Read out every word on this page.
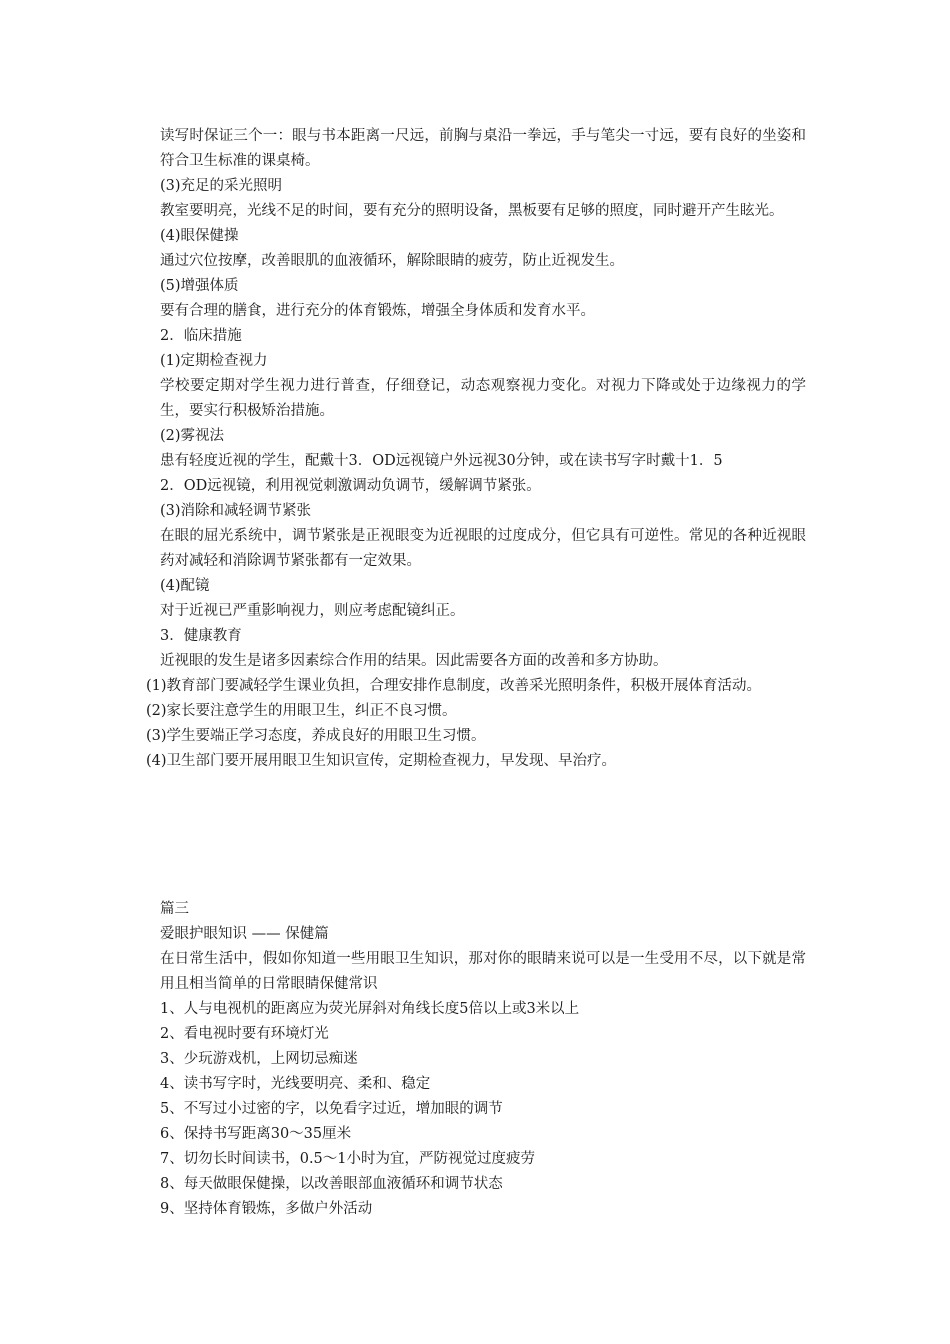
读写时保证三个一：眼与书本距离一尺远，前胸与桌沿一拳远，手与笔尖一寸远，要有良好的坐姿和符合卫生标准的课桌椅。
(3)充足的采光照明
教室要明亮，光线不足的时间，要有充分的照明设备，黑板要有足够的照度，同时避开产生眩光。
(4)眼保健操
通过穴位按摩，改善眼肌的血液循环，解除眼睛的疲劳，防止近视发生。
(5)增强体质
要有合理的膳食，进行充分的体育锻炼，增强全身体质和发育水平。
2．临床措施
(1)定期检查视力
学校要定期对学生视力进行普查，仔细登记，动态观察视力变化。对视力下降或处于边缘视力的学生，要实行积极矫治措施。
(2)雾视法
患有轻度近视的学生，配戴十3．OD远视镜户外远视30分钟，或在读书写字时戴十1．5
2．OD远视镜，利用视觉刺激调动负调节，缓解调节紧张。
(3)消除和减轻调节紧张
在眼的屈光系统中，调节紧张是正视眼变为近视眼的过度成分，但它具有可逆性。常见的各种近视眼药对减轻和消除调节紧张都有一定效果。
(4)配镜
对于近视已严重影响视力，则应考虑配镜纠正。
3．健康教育
近视眼的发生是诸多因素综合作用的结果。因此需要各方面的改善和多方协助。
(1)教育部门要减轻学生课业负担，合理安排作息制度，改善采光照明条件，积极开展体育活动。
(2)家长要注意学生的用眼卫生，纠正不良习惯。
(3)学生要端正学习态度，养成良好的用眼卫生习惯。
(4)卫生部门要开展用眼卫生知识宣传，定期检查视力，早发现、早治疗。
篇三
爱眼护眼知识 —— 保健篇
在日常生活中，假如你知道一些用眼卫生知识，那对你的眼睛来说可以是一生受用不尽，以下就是常用且相当简单的日常眼睛保健常识
1、人与电视机的距离应为荧光屏斜对角线长度5倍以上或3米以上
2、看电视时要有环境灯光
3、少玩游戏机，上网切忌痴迷
4、读书写字时，光线要明亮、柔和、稳定
5、不写过小过密的字，以免看字过近，增加眼的调节
6、保持书写距离30～35厘米
7、切勿长时间读书，0.5～1小时为宜，严防视觉过度疲劳
8、每天做眼保健操，以改善眼部血液循环和调节状态
9、坚持体育锻炼，多做户外活动
